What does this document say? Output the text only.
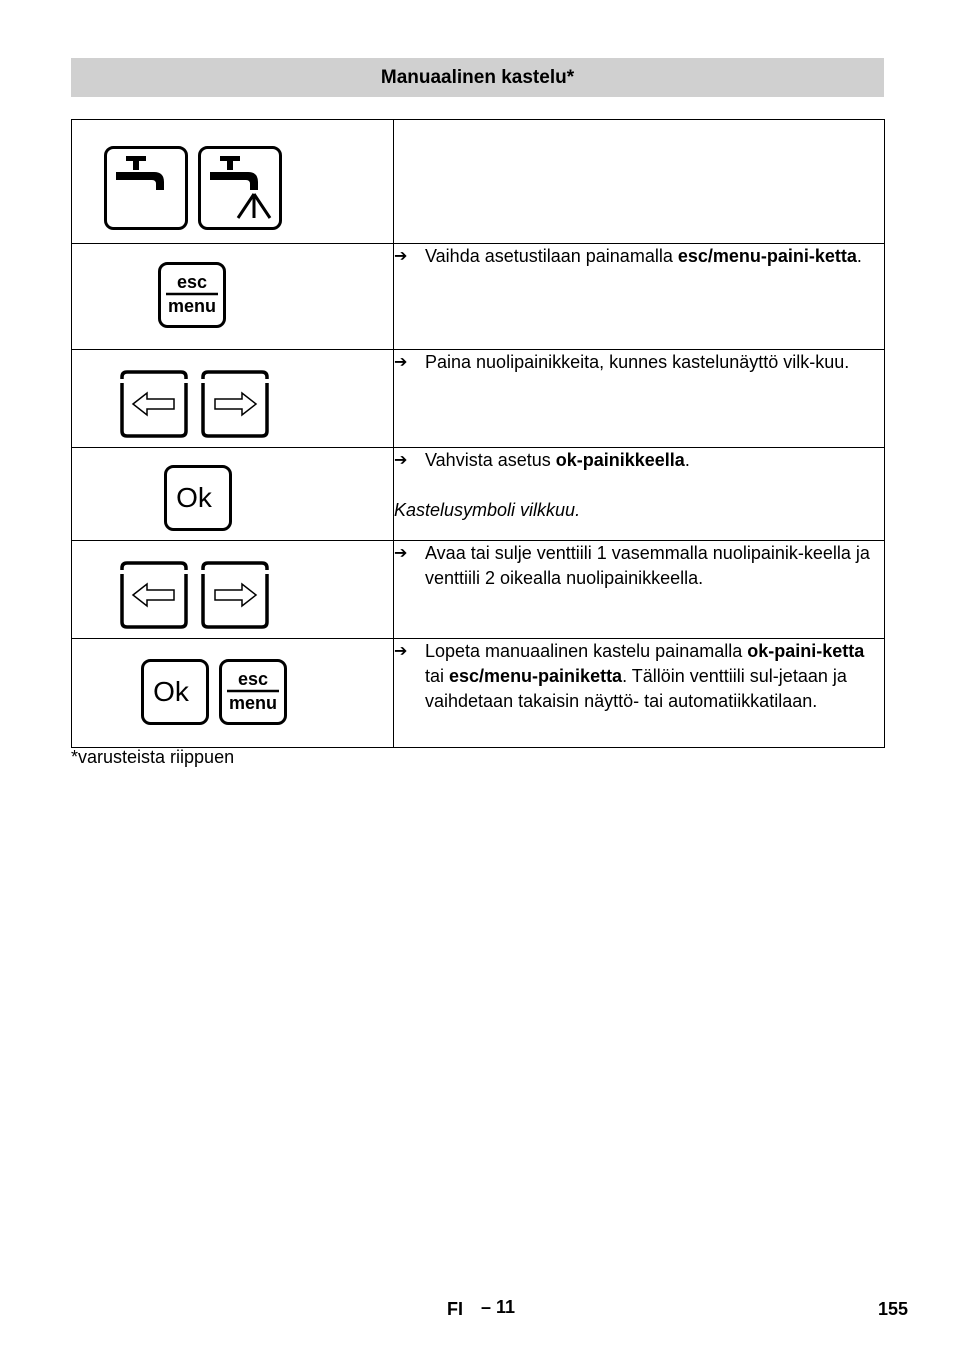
Manuaalinen kastelu*

esc
menu	➔ Vaihda asetustilaan painamalla esc/menu-paini-ketta.

➔ Paina nuolipainikkeita, kunnes kastelunäyttö vilk-kuu.

Ok	➔ Vahvista asetus ok-painikkeella.
Kastelusymboli vilkkuu.

➔ Avaa tai sulje venttiili 1 vasemmalla nuolipainik-keella ja venttiili 2 oikealla nuolipainikkeella.

Ok esc
menu	➔ Lopeta manuaalinen kastelu painamalla ok-paini-ketta tai esc/menu-painiketta. Tällöin venttiili sul-jetaan ja vaihdetaan takaisin näyttö- tai automatiikkatilaan.
*varusteista riippuen
FI – 11	155
